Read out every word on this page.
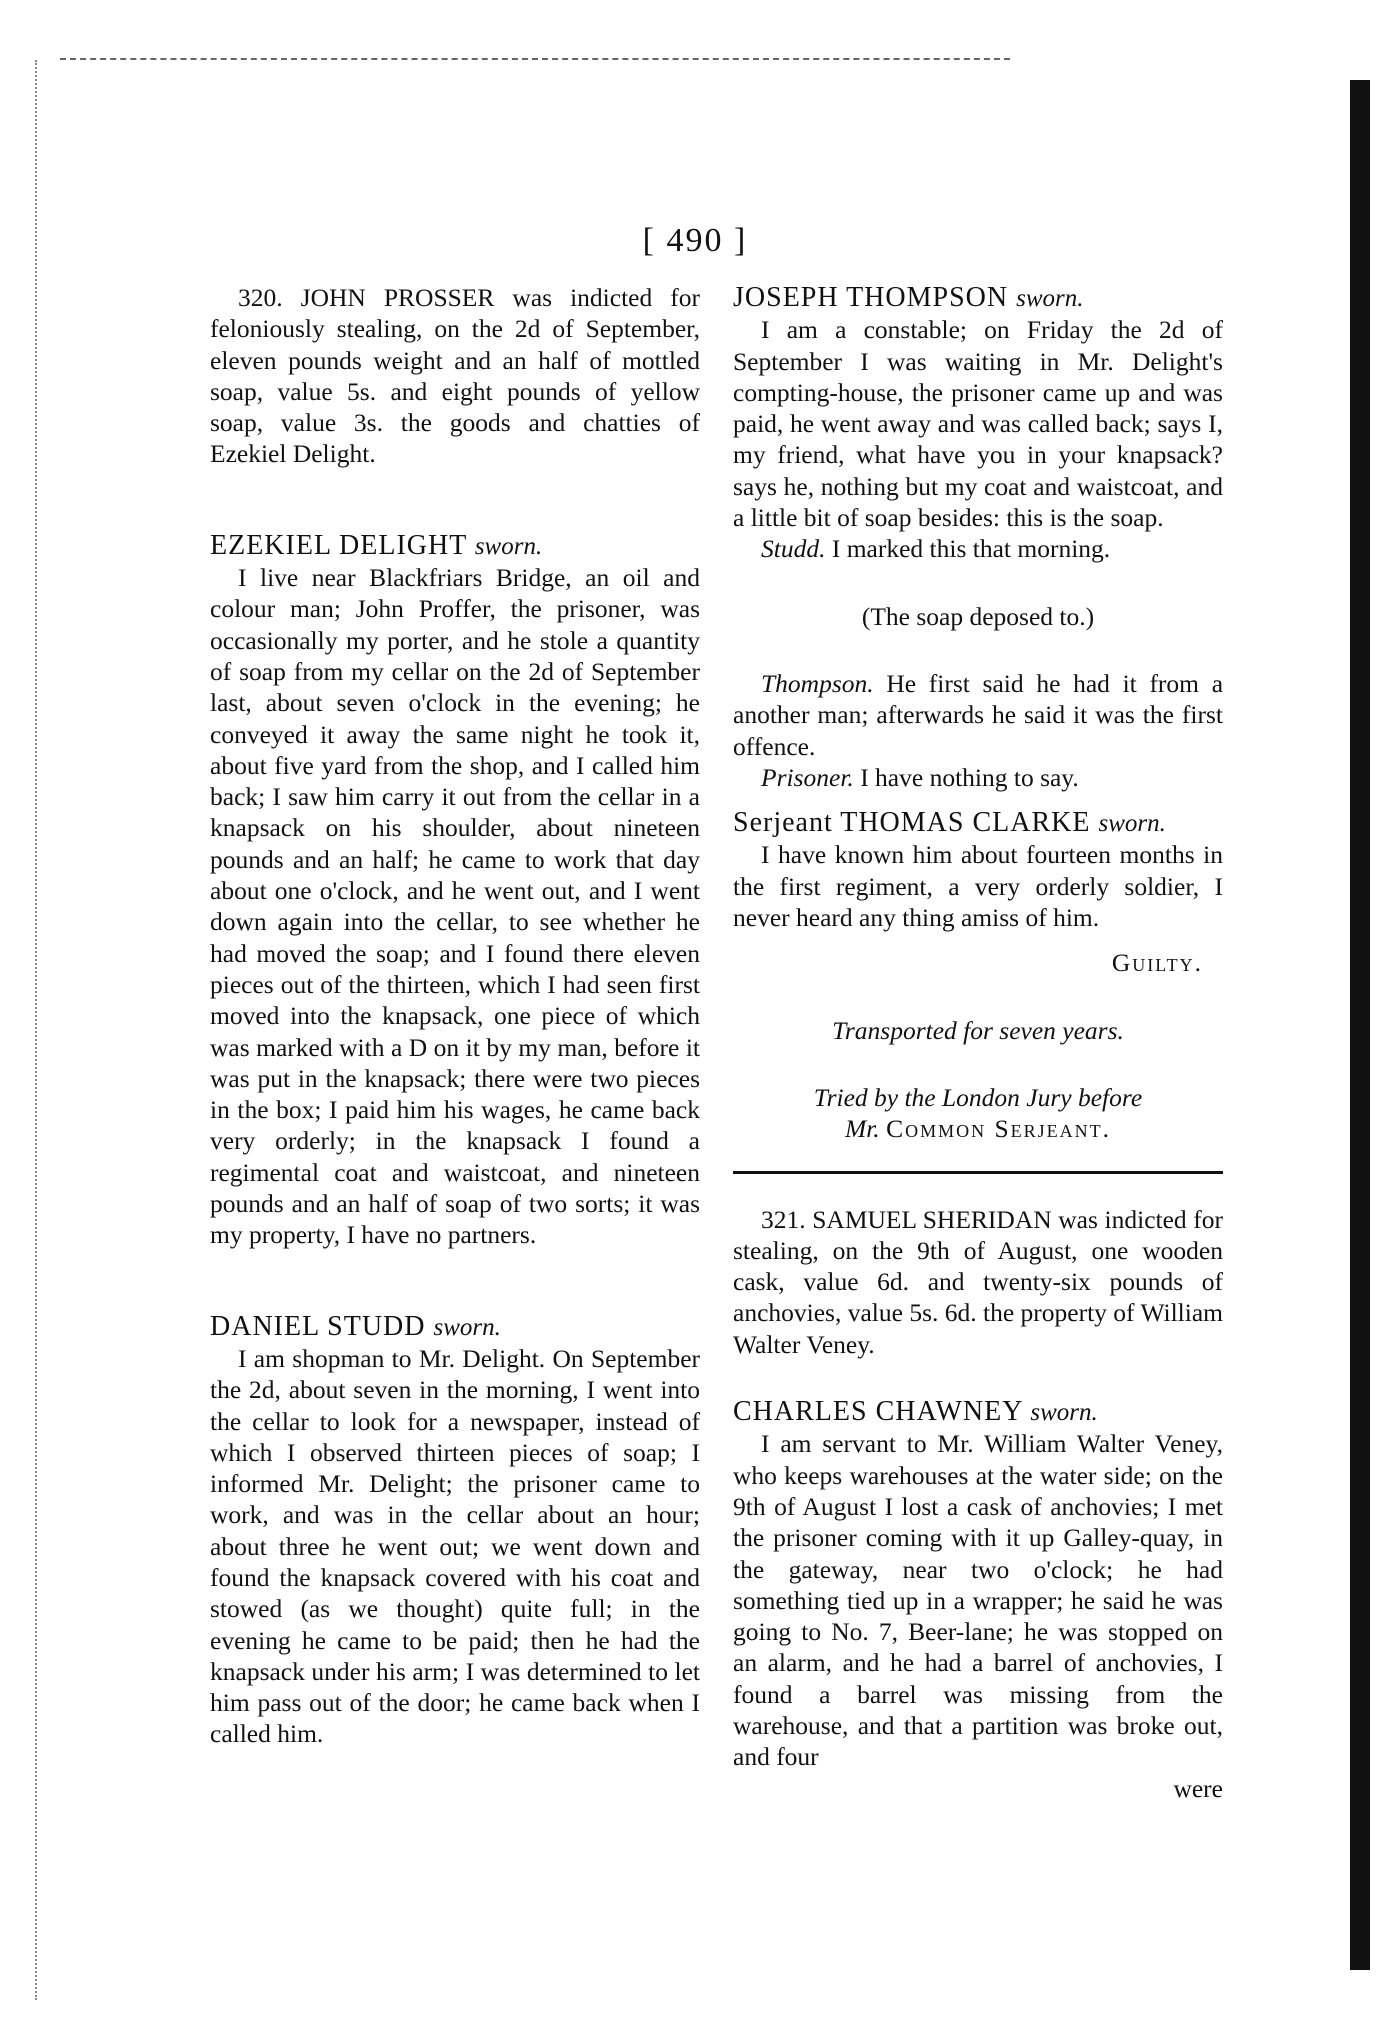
[ 490 ]

320. JOHN PROSSER was indicted for feloniously stealing, on the 2d of September, eleven pounds weight and an half of mottled soap, value 5s. and eight pounds of yellow soap, value 3s. the goods and chatties of Ezekiel Delight.

EZEKIEL DELIGHT sworn.

I live near Blackfriars Bridge, an oil and colour man; John Proffer, the prisoner, was occasionally my porter, and he stole a quantity of soap from my cellar on the 2d of September last, about seven o'clock in the evening; he conveyed it away the same night he took it, about five yard from the shop, and I called him back; I saw him carry it out from the cellar in a knapsack on his shoulder, about nineteen pounds and an half; he came to work that day about one o'clock, and he went out, and I went down again into the cellar, to see whether he had moved the soap; and I found there eleven pieces out of the thirteen, which I had seen first moved into the knapsack, one piece of which was marked with a D on it by my man, before it was put in the knapsack; there were two pieces in the box; I paid him his wages, he came back very orderly; in the knapsack I found a regimental coat and waistcoat, and nineteen pounds and an half of soap of two sorts; it was my property, I have no partners.

DANIEL STUDD sworn.

I am shopman to Mr. Delight. On September the 2d, about seven in the morning, I went into the cellar to look for a newspaper, instead of which I observed thirteen pieces of soap; I informed Mr. Delight; the prisoner came to work, and was in the cellar about an hour; about three he went out; we went down and found the knapsack covered with his coat and stowed (as we thought) quite full; in the evening he came to be paid; then he had the knapsack under his arm; I was determined to let him pass out of the door; he came back when I called him.

JOSEPH THOMPSON sworn.

I am a constable; on Friday the 2d of September I was waiting in Mr. Delight's compting-house, the prisoner came up and was paid, he went away and was called back; says I, my friend, what have you in your knapsack? says he, nothing but my coat and waistcoat, and a little bit of soap besides: this is the soap.

Studd. I marked this that morning.

(The soap deposed to.)

Thompson. He first said he had it from a another man; afterwards he said it was the first offence.

Prisoner. I have nothing to say.

Serjeant THOMAS CLARKE sworn.

I have known him about fourteen months in the first regiment, a very orderly soldier, I never heard any thing amiss of him.

Guilty.

Transported for seven years.

Tried by the London Jury before

Mr. Common Serjeant.

321. SAMUEL SHERIDAN was indicted for stealing, on the 9th of August, one wooden cask, value 6d. and twenty-six pounds of anchovies, value 5s. 6d. the property of William Walter Veney.

CHARLES CHAWNEY sworn.

I am servant to Mr. William Walter Veney, who keeps warehouses at the water side; on the 9th of August I lost a cask of anchovies; I met the prisoner coming with it up Galley-quay, in the gateway, near two o'clock; he had something tied up in a wrapper; he said he was going to No. 7, Beer-lane; he was stopped on an alarm, and he had a barrel of anchovies, I found a barrel was missing from the warehouse, and that a partition was broke out, and four

were
